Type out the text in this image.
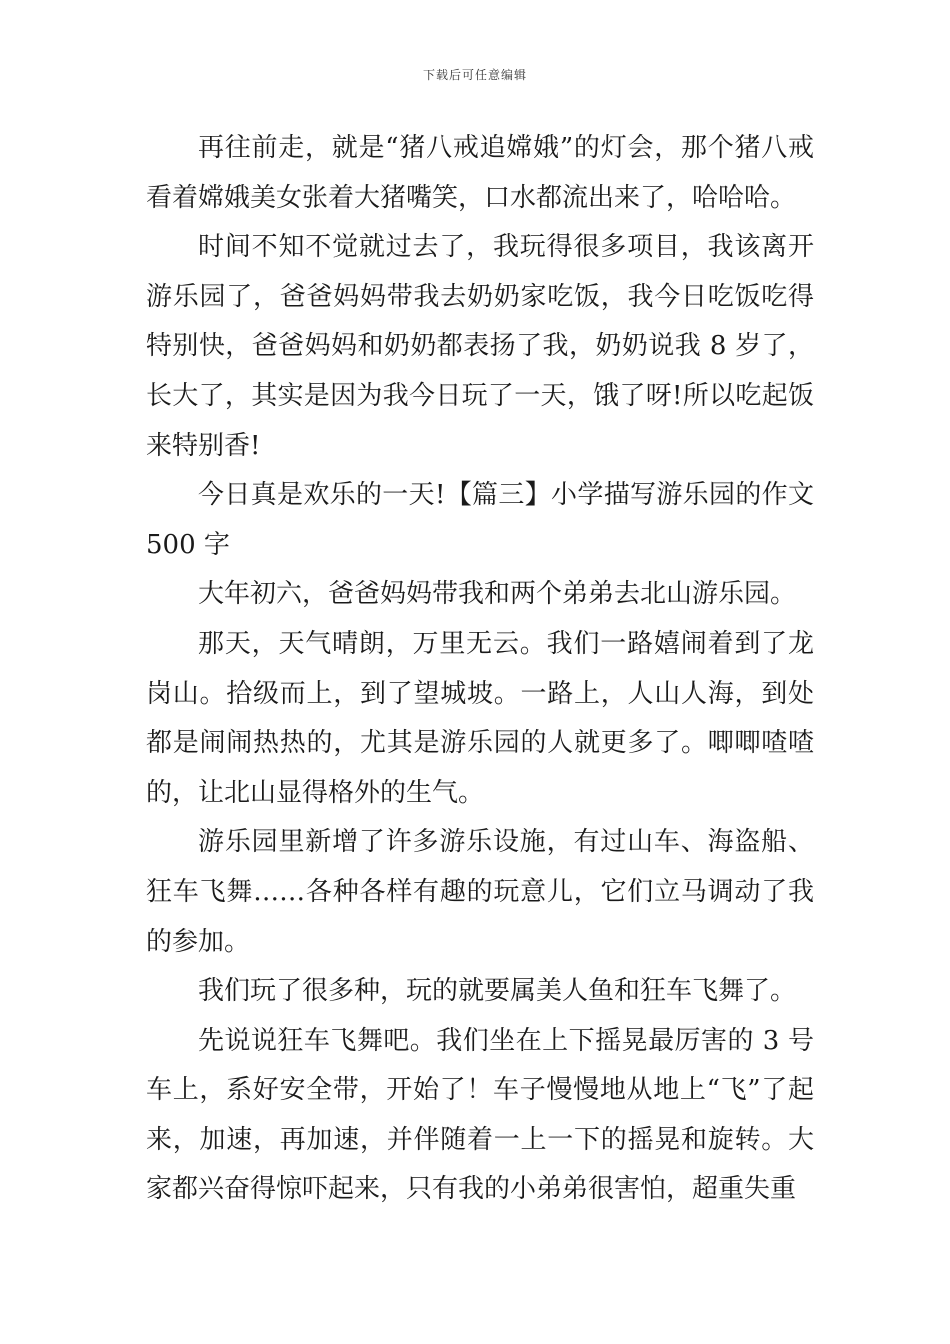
下载后可任意编辑

再往前走，就是“猪八戒追嫦娥”的灯会，那个猪八戒看着嫦娥美女张着大猪嘴笑，口水都流出来了，哈哈哈。

时间不知不觉就过去了，我玩得很多项目，我该离开游乐园了，爸爸妈妈带我去奶奶家吃饭，我今日吃饭吃得特别快，爸爸妈妈和奶奶都表扬了我，奶奶说我 8 岁了，长大了，其实是因为我今日玩了一天，饿了呀!所以吃起饭来特别香!

今日真是欢乐的一天!【篇三】小学描写游乐园的作文 500 字

大年初六，爸爸妈妈带我和两个弟弟去北山游乐园。

那天，天气晴朗，万里无云。我们一路嬉闹着到了龙岗山。拾级而上，到了望城坡。一路上，人山人海，到处都是闹闹热热的，尤其是游乐园的人就更多了。唧唧喳喳的，让北山显得格外的生气。

游乐园里新增了许多游乐设施，有过山车、海盗船、狂车飞舞……各种各样有趣的玩意儿，它们立马调动了我的参加。

我们玩了很多种，玩的就要属美人鱼和狂车飞舞了。

先说说狂车飞舞吧。我们坐在上下摇晃最厉害的 3 号车上，系好安全带，开始了！车子慢慢地从地上“飞”了起来，加速，再加速，并伴随着一上一下的摇晃和旋转。大家都兴奋得惊吓起来，只有我的小弟弟很害怕，超重失重
